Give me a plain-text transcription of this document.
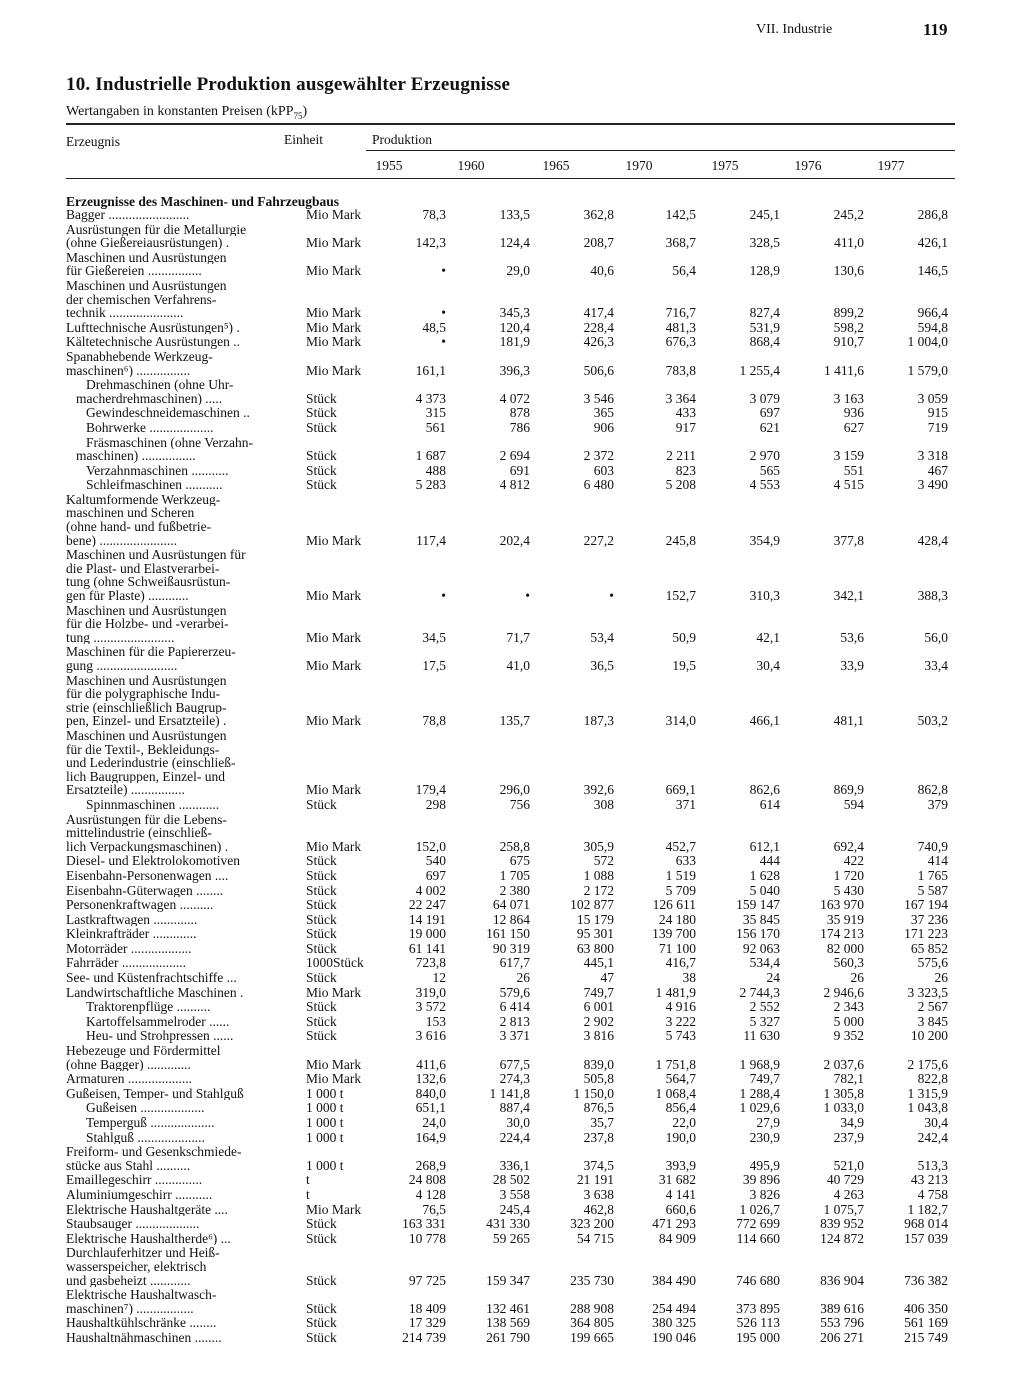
VII. Industrie	119
10. Industrielle Produktion ausgewählter Erzeugnisse
Wertangaben in konstanten Preisen (kPP$_{75}$)
Erzeugnis	Einheit	Produktion
1955	1960	1965	1970	1975	1976	1977
Erzeugnisse des Maschinen- und Fahrzeugbaus
Bagger ........................	Mio Mark	78,3	133,5	362,8	142,5	245,1	245,2	286,8
Ausrüstungen für die Metallurgie
(ohne Gießereiausrüstungen) .	Mio Mark	142,3	124,4	208,7	368,7	328,5	411,0	426,1
Maschinen und Ausrüstungen
für Gießereien ................	Mio Mark	•	29,0	40,6	56,4	128,9	130,6	146,5
Maschinen und Ausrüstungen
der chemischen Verfahrens-
technik ......................	Mio Mark	•	345,3	417,4	716,7	827,4	899,2	966,4
Lufttechnische Ausrüstungen⁵) .	Mio Mark	48,5	120,4	228,4	481,3	531,9	598,2	594,8
Kältetechnische Ausrüstungen ..	Mio Mark	•	181,9	426,3	676,3	868,4	910,7	1 004,0
Spanabhebende Werkzeug-
maschinen⁶) ................	Mio Mark	161,1	396,3	506,6	783,8	1 255,4	1 411,6	1 579,0
Drehmaschinen (ohne Uhr-
macherdrehmaschinen) .....	Stück	4 373	4 072	3 546	3 364	3 079	3 163	3 059
Gewindeschneidemaschinen ..	Stück	315	878	365	433	697	936	915
Bohrwerke ...................	Stück	561	786	906	917	621	627	719
Fräsmaschinen (ohne Verzahn-
maschinen) ................	Stück	1 687	2 694	2 372	2 211	2 970	3 159	3 318
Verzahnmaschinen ...........	Stück	488	691	603	823	565	551	467
Schleifmaschinen ...........	Stück	5 283	4 812	6 480	5 208	4 553	4 515	3 490
Kaltumformende Werkzeug-
maschinen und Scheren
(ohne hand- und fußbetrie-
bene) .......................	Mio Mark	117,4	202,4	227,2	245,8	354,9	377,8	428,4
Maschinen und Ausrüstungen für
die Plast- und Elastverarbei-
tung (ohne Schweißausrüstun-
gen für Plaste) ............	Mio Mark	•	•	•	152,7	310,3	342,1	388,3
Maschinen und Ausrüstungen
für die Holzbe- und -verarbei-
tung ........................	Mio Mark	34,5	71,7	53,4	50,9	42,1	53,6	56,0
Maschinen für die Papiererzeu-
gung ........................	Mio Mark	17,5	41,0	36,5	19,5	30,4	33,9	33,4
Maschinen und Ausrüstungen
für die polygraphische Indu-
strie (einschließlich Baugrup-
pen, Einzel- und Ersatzteile) .	Mio Mark	78,8	135,7	187,3	314,0	466,1	481,1	503,2
Maschinen und Ausrüstungen
für die Textil-, Bekleidungs-
und Lederindustrie (einschließ-
lich Baugruppen, Einzel- und
Ersatzteile) ................	Mio Mark	179,4	296,0	392,6	669,1	862,6	869,9	862,8
Spinnmaschinen ............	Stück	298	756	308	371	614	594	379
Ausrüstungen für die Lebens-
mittelindustrie (einschließ-
lich Verpackungsmaschinen) .	Mio Mark	152,0	258,8	305,9	452,7	612,1	692,4	740,9
Diesel- und Elektrolokomotiven	Stück	540	675	572	633	444	422	414
Eisenbahn-Personenwagen ....	Stück	697	1 705	1 088	1 519	1 628	1 720	1 765
Eisenbahn-Güterwagen ........	Stück	4 002	2 380	2 172	5 709	5 040	5 430	5 587
Personenkraftwagen ..........	Stück	22 247	64 071	102 877	126 611	159 147	163 970	167 194
Lastkraftwagen .............	Stück	14 191	12 864	15 179	24 180	35 845	35 919	37 236
Kleinkrafträder .............	Stück	19 000	161 150	95 301	139 700	156 170	174 213	171 223
Motorräder ..................	Stück	61 141	90 319	63 800	71 100	92 063	82 000	65 852
Fahrräder ...................	1000Stück	723,8	617,7	445,1	416,7	534,4	560,3	575,6
See- und Küstenfrachtschiffe ...	Stück	12	26	47	38	24	26	26
Landwirtschaftliche Maschinen .	Mio Mark	319,0	579,6	749,7	1 481,9	2 744,3	2 946,6	3 323,5
Traktorenpflüge ..........	Stück	3 572	6 414	6 001	4 916	2 552	2 343	2 567
Kartoffelsammelroder ......	Stück	153	2 813	2 902	3 222	5 327	5 000	3 845
Heu- und Strohpressen ......	Stück	3 616	3 371	3 816	5 743	11 630	9 352	10 200
Hebezeuge und Fördermittel
(ohne Bagger) .............	Mio Mark	411,6	677,5	839,0	1 751,8	1 968,9	2 037,6	2 175,6
Armaturen ...................	Mio Mark	132,6	274,3	505,8	564,7	749,7	782,1	822,8
Gußeisen, Temper- und Stahlguß	1 000 t	840,0	1 141,8	1 150,0	1 068,4	1 288,4	1 305,8	1 315,9
Gußeisen ...................	1 000 t	651,1	887,4	876,5	856,4	1 029,6	1 033,0	1 043,8
Temperguß ...................	1 000 t	24,0	30,0	35,7	22,0	27,9	34,9	30,4
Stahlguß ....................	1 000 t	164,9	224,4	237,8	190,0	230,9	237,9	242,4
Freiform- und Gesenkschmiede-
stücke aus Stahl ..........	1 000 t	268,9	336,1	374,5	393,9	495,9	521,0	513,3
Emaillegeschirr ..............	t	24 808	28 502	21 191	31 682	39 896	40 729	43 213
Aluminiumgeschirr ...........	t	4 128	3 558	3 638	4 141	3 826	4 263	4 758
Elektrische Haushaltgeräte ....	Mio Mark	76,5	245,4	462,8	660,6	1 026,7	1 075,7	1 182,7
Staubsauger ...................	Stück	163 331	431 330	323 200	471 293	772 699	839 952	968 014
Elektrische Haushaltherde⁶) ...	Stück	10 778	59 265	54 715	84 909	114 660	124 872	157 039
Durchlauferhitzer und Heiß-
wasserspeicher, elektrisch
und gasbeheizt ............	Stück	97 725	159 347	235 730	384 490	746 680	836 904	736 382
Elektrische Haushaltwasch-
maschinen⁷) .................	Stück	18 409	132 461	288 908	254 494	373 895	389 616	406 350
Haushaltkühlschränke ........	Stück	17 329	138 569	364 805	380 325	526 113	553 796	561 169
Haushaltnähmaschinen ........	Stück	214 739	261 790	199 665	190 046	195 000	206 271	215 749
